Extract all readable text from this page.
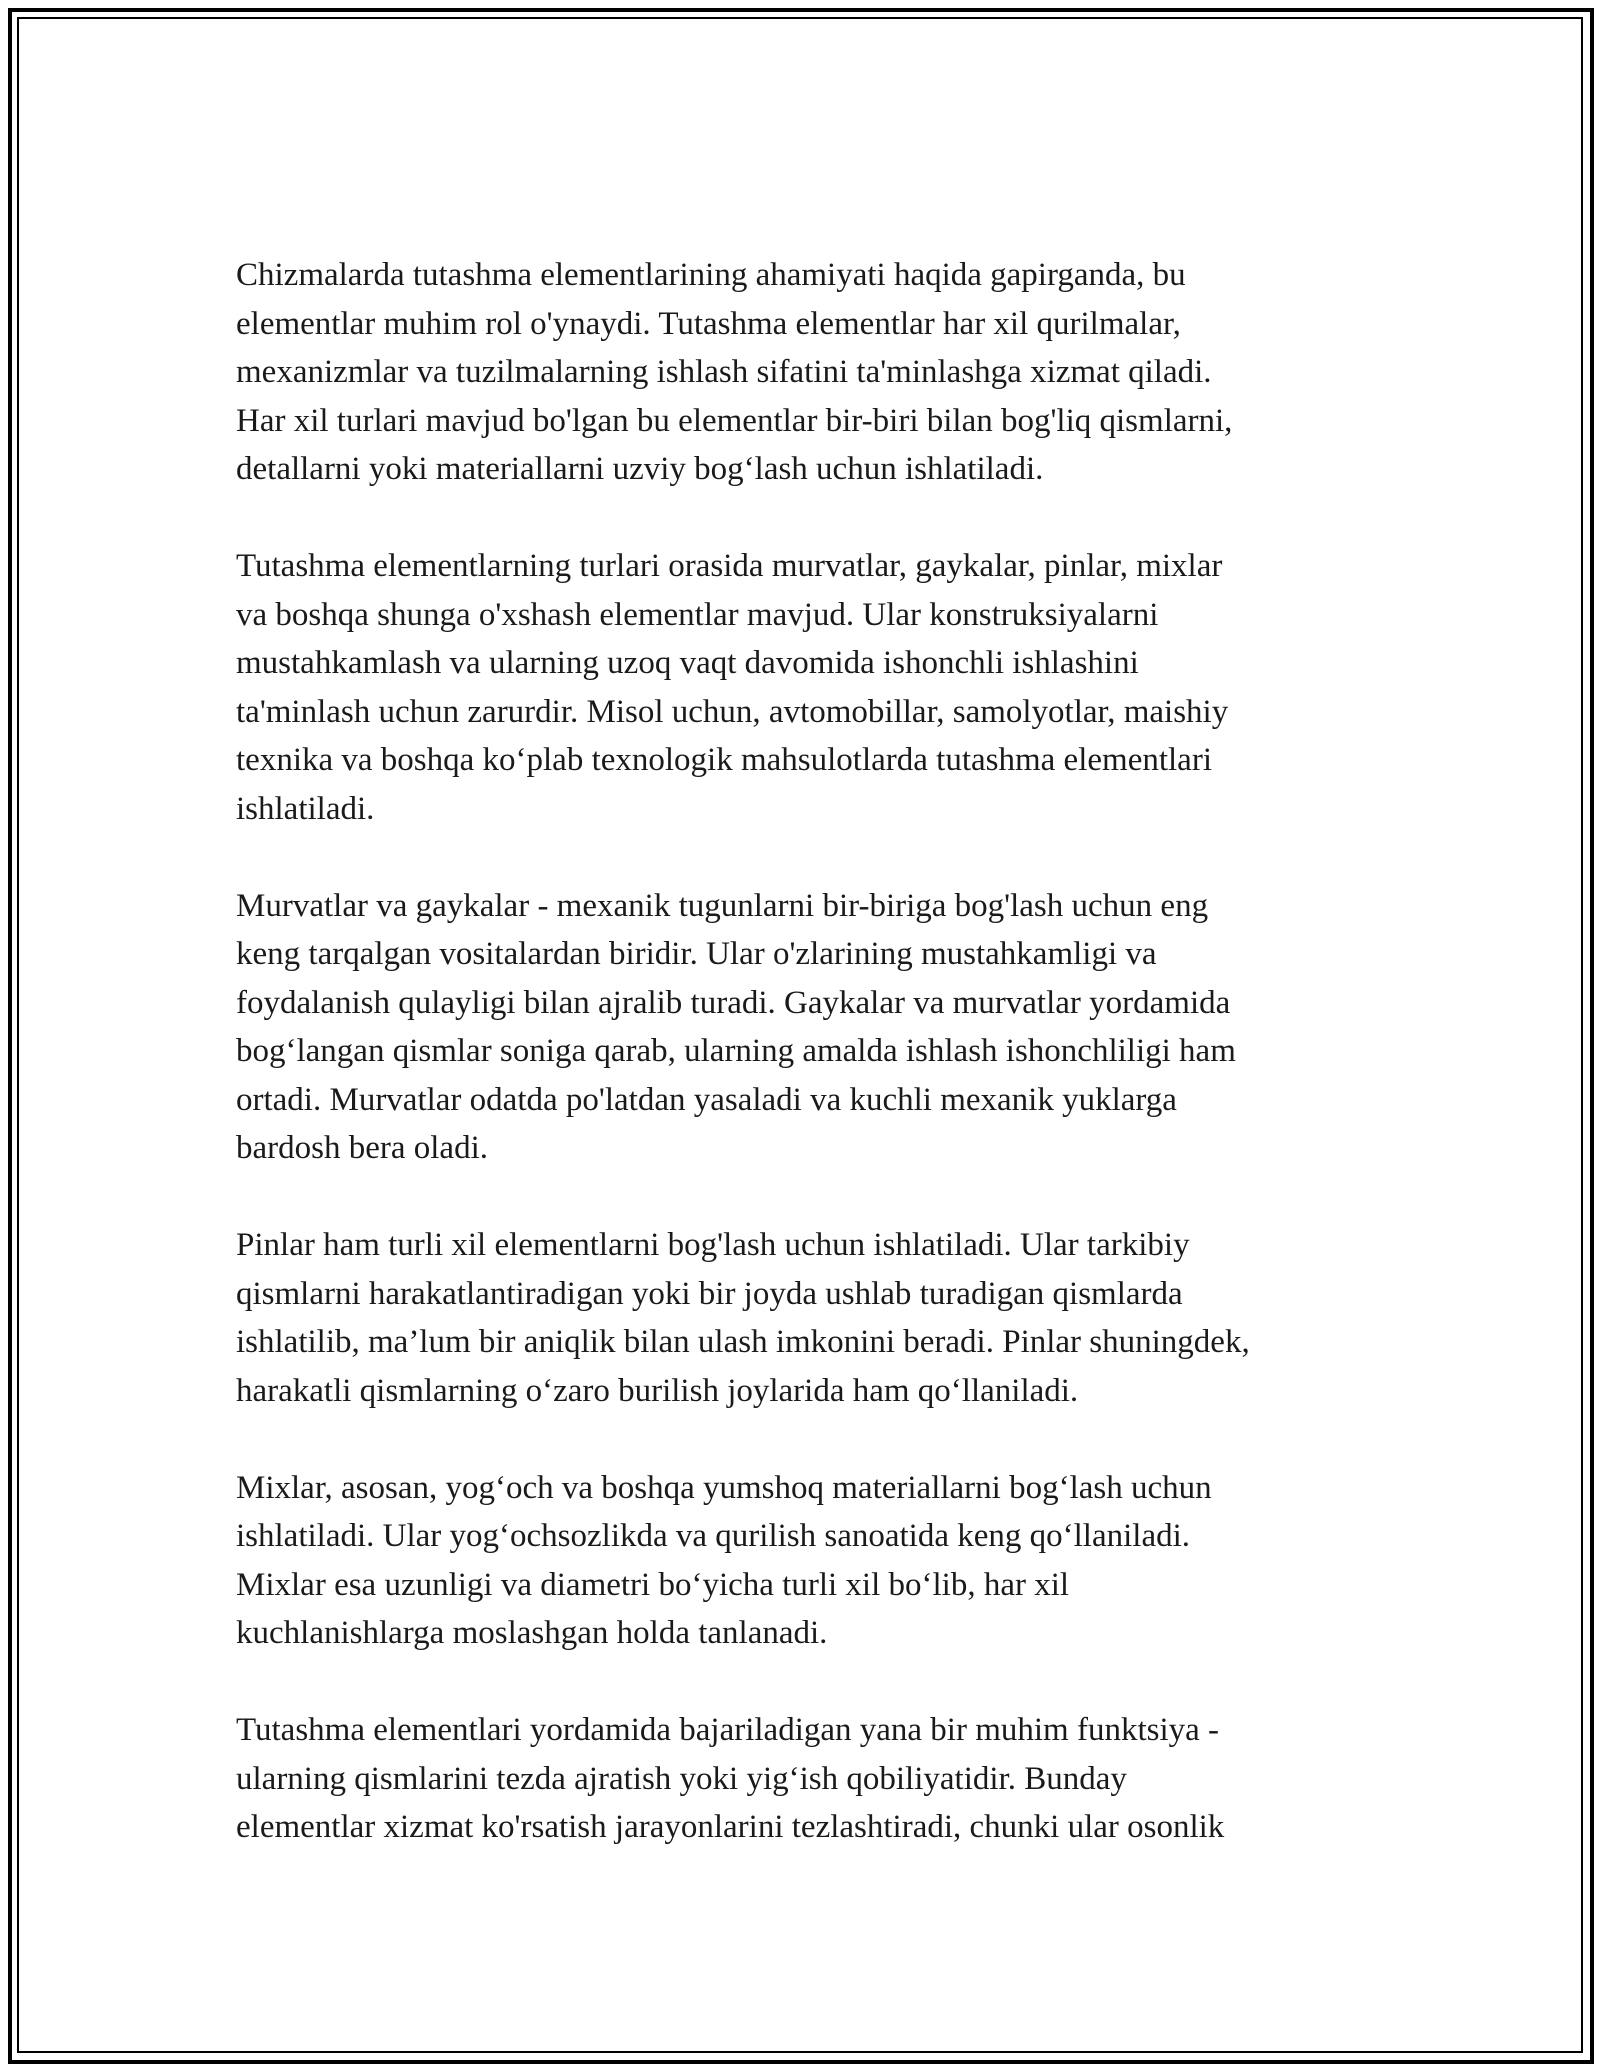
Chizmalarda tutashma elementlarining ahamiyati haqida gapirganda, bu
elementlar muhim rol o'ynaydi. Tutashma elementlar har xil qurilmalar,
mexanizmlar va tuzilmalarning ishlash sifatini ta'minlashga xizmat qiladi.
Har xil turlari mavjud bo'lgan bu elementlar bir-biri bilan bog'liq qismlarni,
detallarni yoki materiallarni uzviy bog‘lash uchun ishlatiladi.

Tutashma elementlarning turlari orasida murvatlar, gaykalar, pinlar, mixlar
va boshqa shunga o'xshash elementlar mavjud. Ular konstruksiyalarni
mustahkamlash va ularning uzoq vaqt davomida ishonchli ishlashini
ta'minlash uchun zarurdir. Misol uchun, avtomobillar, samolyotlar, maishiy
texnika va boshqa ko‘plab texnologik mahsulotlarda tutashma elementlari
ishlatiladi.

Murvatlar va gaykalar - mexanik tugunlarni bir-biriga bog'lash uchun eng
keng tarqalgan vositalardan biridir. Ular o'zlarining mustahkamligi va
foydalanish qulayligi bilan ajralib turadi. Gaykalar va murvatlar yordamida
bog‘langan qismlar soniga qarab, ularning amalda ishlash ishonchliligi ham
ortadi. Murvatlar odatda po'latdan yasaladi va kuchli mexanik yuklarga
bardosh bera oladi.

Pinlar ham turli xil elementlarni bog'lash uchun ishlatiladi. Ular tarkibiy
qismlarni harakatlantiradigan yoki bir joyda ushlab turadigan qismlarda
ishlatilib, ma’lum bir aniqlik bilan ulash imkonini beradi. Pinlar shuningdek,
harakatli qismlarning o‘zaro burilish joylarida ham qo‘llaniladi.

Mixlar, asosan, yog‘och va boshqa yumshoq materiallarni bog‘lash uchun
ishlatiladi. Ular yog‘ochsozlikda va qurilish sanoatida keng qo‘llaniladi.
Mixlar esa uzunligi va diametri bo‘yicha turli xil bo‘lib, har xil
kuchlanishlarga moslashgan holda tanlanadi.

Tutashma elementlari yordamida bajariladigan yana bir muhim funktsiya -
ularning qismlarini tezda ajratish yoki yig‘ish qobiliyatidir. Bunday
elementlar xizmat ko'rsatish jarayonlarini tezlashtiradi, chunki ular osonlik
